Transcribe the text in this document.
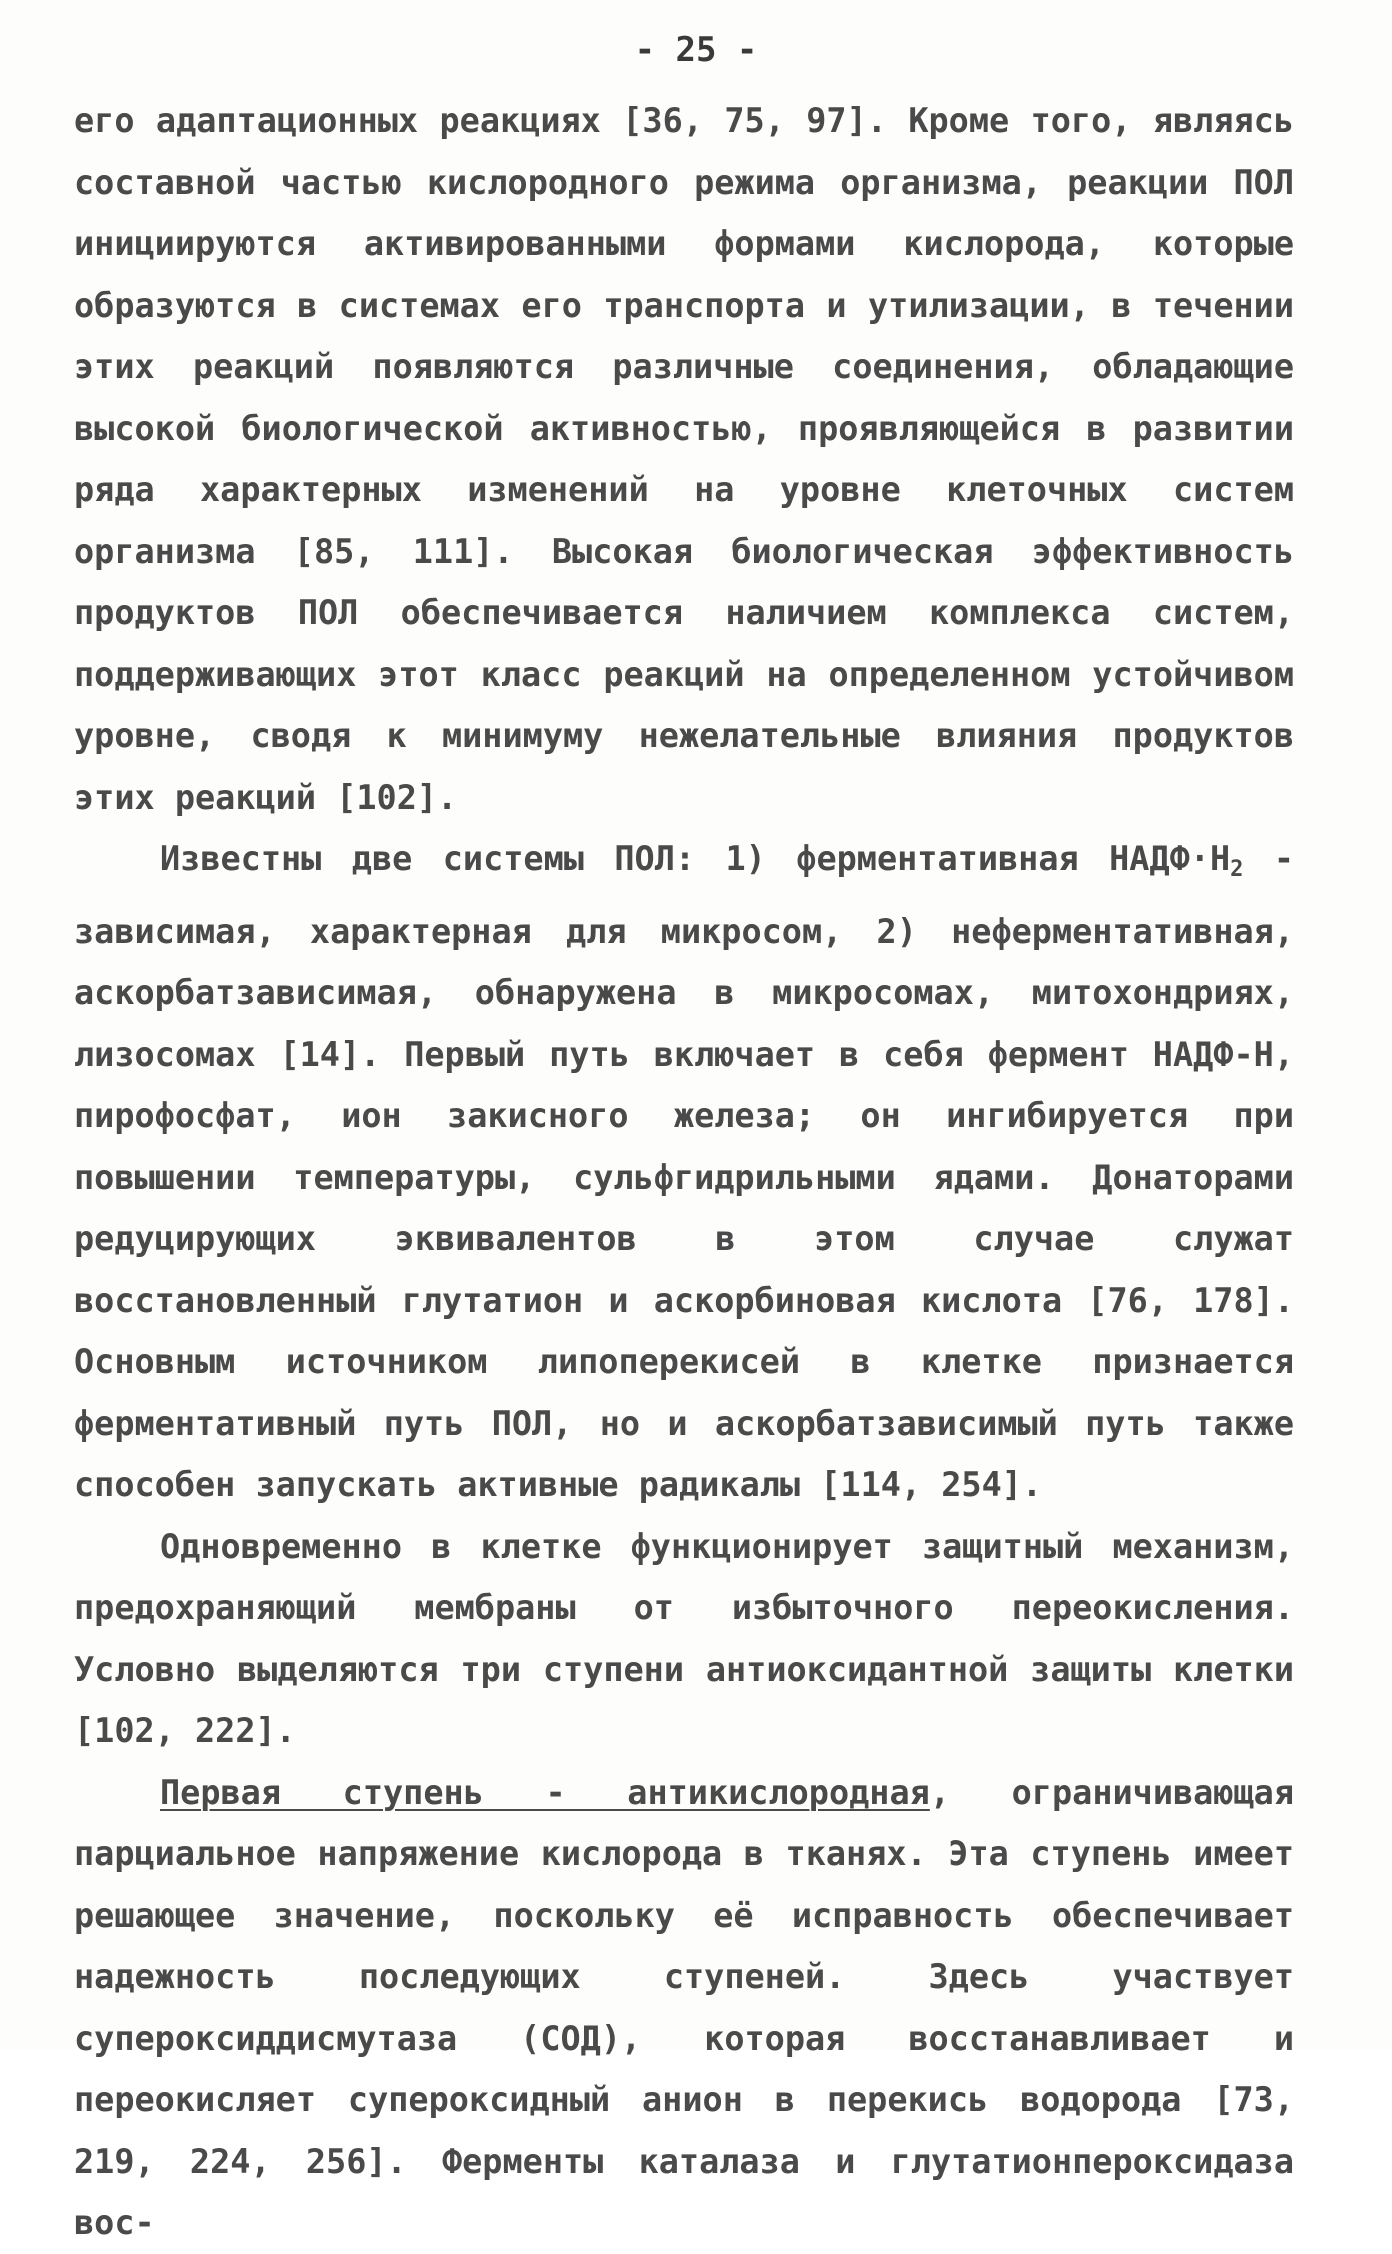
- 25 -

его адаптационных реакциях [36, 75, 97]. Кроме того, являясь составной частью кислородного режима организма, реакции ПОЛ инициируются активированными формами кислорода, которые образуются в системах его транспорта и утилизации, в течении этих реакций появляются различные соединения, обладающие высокой биологической активностью, проявляющейся в развитии ряда характерных изменений на уровне клеточных систем организма [85, 111]. Высокая биологическая эффективность продуктов ПОЛ обеспечивается наличием комплекса систем, поддерживающих этот класс реакций на определенном устойчивом уровне, сводя к минимуму нежелательные влияния продуктов этих реакций [102].

Известны две системы ПОЛ: 1) ферментативная $НАДФ\cdot Н_2$ - зависимая, характерная для микросом, 2) неферментативная, аскорбатзависимая, обнаружена в микросомах, митохондриях, лизосомах [14]. Первый путь включает в себя фермент НАДФ-Н, пирофосфат, ион закисного железа; он ингибируется при повышении температуры, сульфгидрильными ядами. Донаторами редуцирующих эквивалентов в этом случае служат восстановленный глутатион и аскорбиновая кислота [76, 178]. Основным источником липоперекисей в клетке признается ферментативный путь ПОЛ, но и аскорбатзависимый путь также способен запускать активные радикалы [114, 254].

Одновременно в клетке функционирует защитный механизм, предохраняющий мембраны от избыточного переокисления. Условно выделяются три ступени антиоксидантной защиты клетки [102, 222].

Первая ступень - антикислородная, ограничивающая парциальное напряжение кислорода в тканях. Эта ступень имеет решающее значение, поскольку её исправность обеспечивает надежность последующих ступеней. Здесь участвует супероксиддисмутаза (СОД), которая восстанавливает и переокисляет супероксидный анион в перекись водорода [73, 219, 224, 256]. Ферменты каталаза и глутатионпероксидаза вос-
